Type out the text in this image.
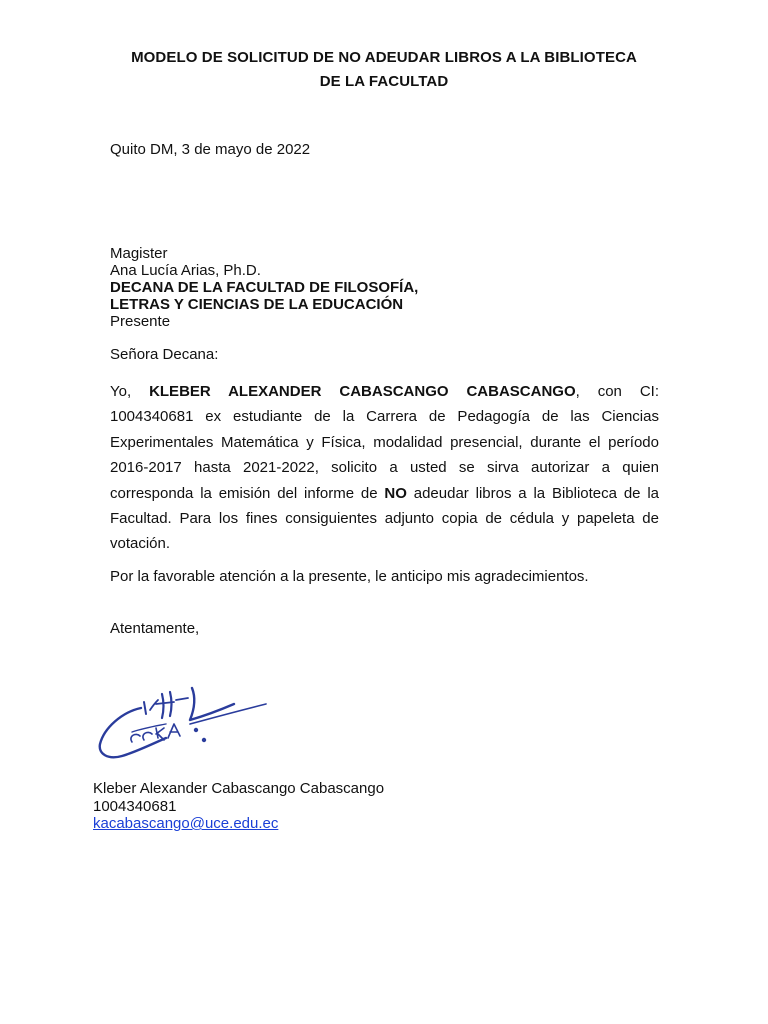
MODELO DE SOLICITUD DE NO ADEUDAR LIBROS A LA BIBLIOTECA
DE LA FACULTAD
Quito DM, 3 de mayo de 2022
Magister
Ana Lucía Arias, Ph.D.
DECANA DE LA FACULTAD DE FILOSOFÍA,
LETRAS Y CIENCIAS DE LA EDUCACIÓN
Presente
Señora Decana:

Yo, KLEBER ALEXANDER CABASCANGO CABASCANGO, con CI: 1004340681 ex estudiante de la Carrera de Pedagogía de las Ciencias Experimentales Matemática y Física, modalidad presencial, durante el período 2016-2017 hasta 2021-2022, solicito a usted se sirva autorizar a quien corresponda la emisión del informe de NO adeudar libros a la Biblioteca de la Facultad. Para los fines consiguientes adjunto copia de cédula y papeleta de votación.

Por la favorable atención a la presente, le anticipo mis agradecimientos.
Atentamente,
Kleber Alexander Cabascango Cabascango
1004340681
kacabascango@uce.edu.ec
